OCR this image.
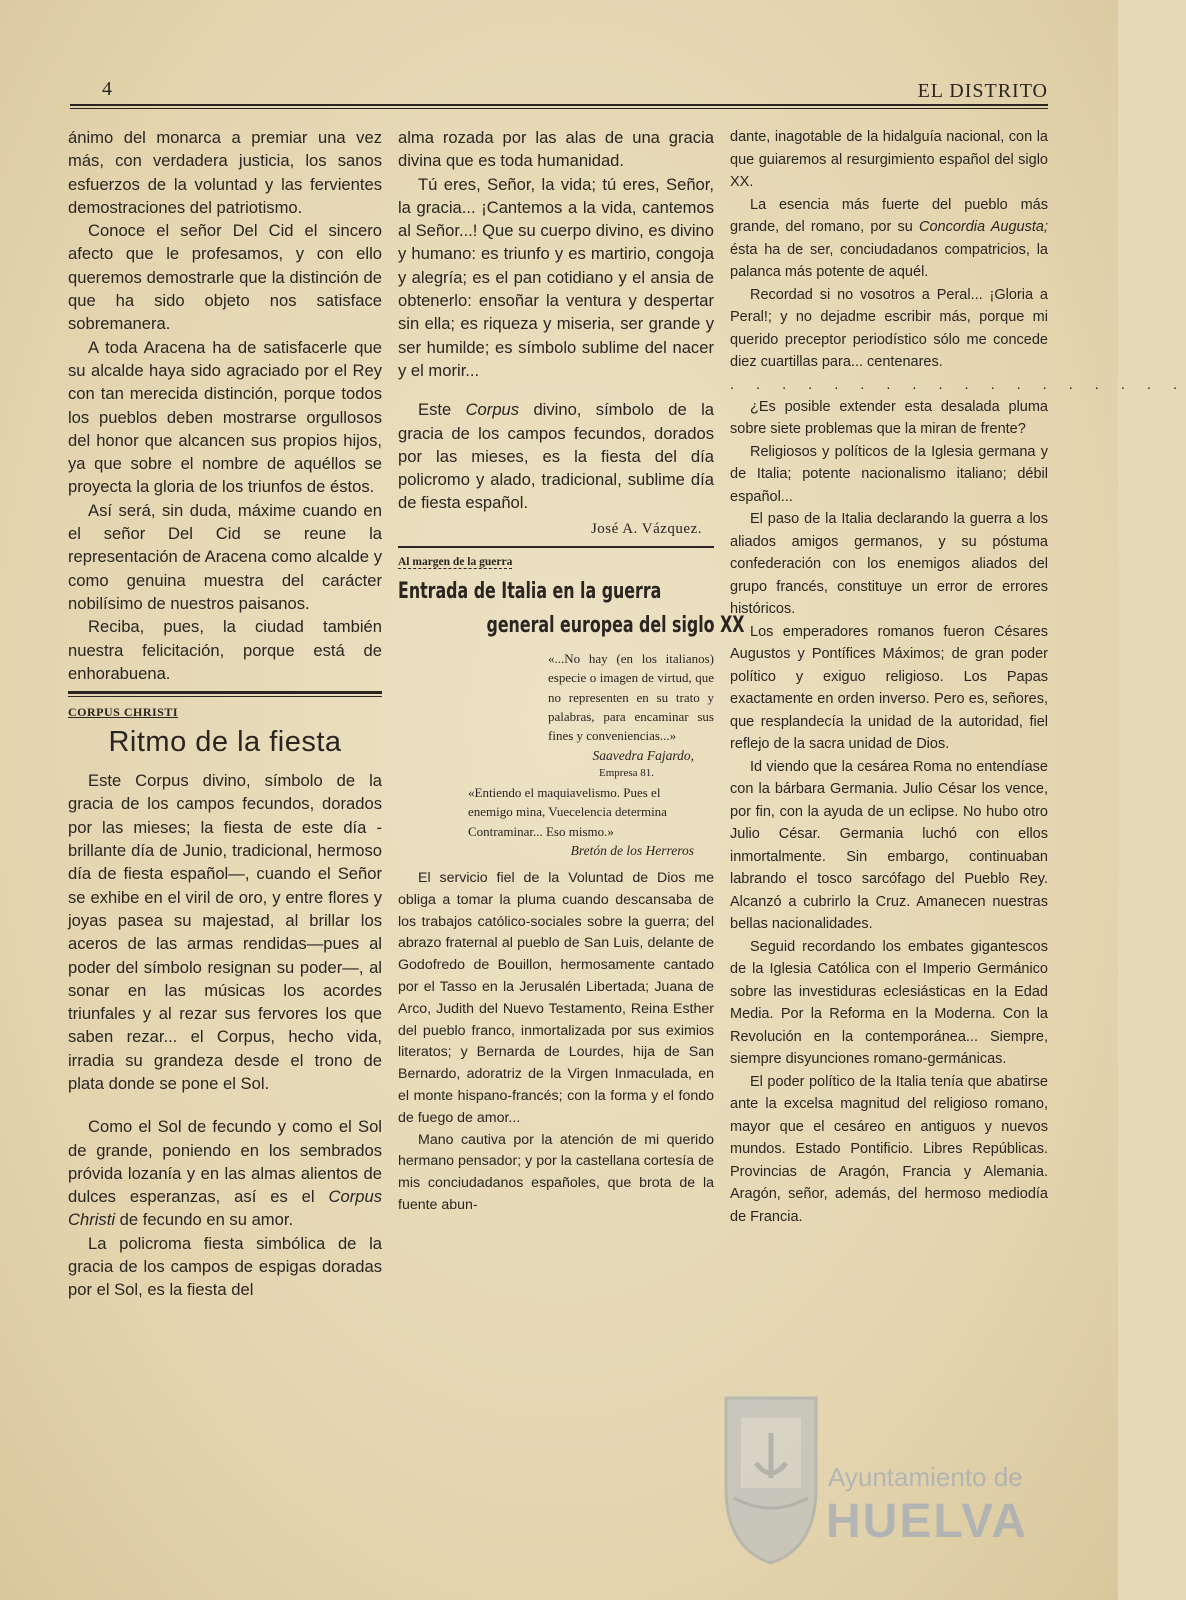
4	EL DISTRITO

ánimo del monarca a premiar una vez más, con verdadera justicia, los sanos esfuerzos de la voluntad y las fervientes demostraciones del patriotismo.

Conoce el señor Del Cid el sincero afecto que le profesamos, y con ello queremos demostrarle que la distinción de que ha sido objeto nos satisface sobremanera.

A toda Aracena ha de satisfacerle que su alcalde haya sido agraciado por el Rey con tan merecida distinción, porque todos los pueblos deben mostrarse orgullosos del honor que alcancen sus propios hijos, ya que sobre el nombre de aquéllos se proyecta la gloria de los triunfos de éstos.

Así será, sin duda, máxime cuando en el señor Del Cid se reune la representación de Aracena como alcalde y como genuina muestra del carácter nobilísimo de nuestros paisanos.

Reciba, pues, la ciudad también nuestra felicitación, porque está de enhorabuena.

CORPUS CHRISTI
Ritmo de la fiesta

Este Corpus divino, símbolo de la gracia de los campos fecundos, dorados por las mieses; la fiesta de este día - brillante día de Junio, tradicional, hermoso día de fiesta español—, cuando el Señor se exhibe en el viril de oro, y entre flores y joyas pasea su majestad, al brillar los aceros de las armas rendidas—pues al poder del símbolo resignan su poder—, al sonar en las músicas los acordes triunfales y al rezar sus fervores los que saben rezar... el Corpus, hecho vida, irradia su grandeza desde el trono de plata donde se pone el Sol.

Como el Sol de fecundo y como el Sol de grande, poniendo en los sembrados próvida lozanía y en las almas alientos de dulces esperanzas, así es el Corpus Christi de fecundo en su amor.

La policroma fiesta simbólica de la gracia de los campos de espigas doradas por el Sol, es la fiesta del

alma rozada por las alas de una gracia divina que es toda humanidad.

Tú eres, Señor, la vida; tú eres, Señor, la gracia... ¡Cantemos a la vida, cantemos al Señor...! Que su cuerpo divino, es divino y humano: es triunfo y es martirio, congoja y alegría; es el pan cotidiano y el ansia de obtenerlo: ensoñar la ventura y despertar sin ella; es riqueza y miseria, ser grande y ser humilde; es símbolo sublime del nacer y el morir...

Este Corpus divino, símbolo de la gracia de los campos fecundos, dorados por las mieses, es la fiesta del día policromo y alado, tradicional, sublime día de fiesta español.

José A. Vázquez.
Al margen de la guerra
Entrada de Italia en la guerra
general europea del siglo XX
«...No hay (en los italianos) especie o imagen de virtud, que no representen en su trato y palabras, para encaminar sus fines y conveniencias...»
Saavedra Fajardo,
Empresa 81.
«Entiendo el maquiavelismo. Pues el enemigo mina, Vuecelencia determina Contraminar... Eso mismo.»
Bretón de los Herreros

El servicio fiel de la Voluntad de Dios me obliga a tomar la pluma cuando descansaba de los trabajos católico-sociales sobre la guerra; del abrazo fraternal al pueblo de San Luis, delante de Godofredo de Bouillon, hermosamente cantado por el Tasso en la Jerusalén Libertada; Juana de Arco, Judith del Nuevo Testamento, Reina Esther del pueblo franco, inmortalizada por sus eximios literatos; y Bernarda de Lourdes, hija de San Bernardo, adoratriz de la Virgen Inmaculada, en el monte hispano-francés; con la forma y el fondo de fuego de amor...

Mano cautiva por la atención de mi querido hermano pensador; y por la castellana cortesía de mis conciudadanos españoles, que brota de la fuente abun-

dante, inagotable de la hidalguía nacional, con la que guiaremos al resurgimiento español del siglo XX.

La esencia más fuerte del pueblo más grande, del romano, por su Concordia Augusta; ésta ha de ser, conciudadanos compatricios, la palanca más potente de aquél.

Recordad si no vosotros a Peral... ¡Gloria a Peral!; y no dejadme escribir más, porque mi querido preceptor periodístico sólo me concede diez cuartillas para... centenares.

. . . . . . . . . . . . . . . . . .

¿Es posible extender esta desalada pluma sobre siete problemas que la miran de frente?

Religiosos y políticos de la Iglesia germana y de Italia; potente nacionalismo italiano; débil español...

El paso de la Italia declarando la guerra a los aliados amigos germanos, y su póstuma confederación con los enemigos aliados del grupo francés, constituye un error de errores históricos.

Los emperadores romanos fueron Césares Augustos y Pontífices Máximos; de gran poder político y exiguo religioso. Los Papas exactamente en orden inverso. Pero es, señores, que resplandecía la unidad de la autoridad, fiel reflejo de la sacra unidad de Dios.

Id viendo que la cesárea Roma no entendíase con la bárbara Germania. Julio César los vence, por fin, con la ayuda de un eclipse. No hubo otro Julio César. Germania luchó con ellos inmortalmente. Sin embargo, continuaban labrando el tosco sarcófago del Pueblo Rey. Alcanzó a cubrirlo la Cruz. Amanecen nuestras bellas nacionalidades.

Seguid recordando los embates gigantescos de la Iglesia Católica con el Imperio Germánico sobre las investiduras eclesiásticas en la Edad Media. Por la Reforma en la Moderna. Con la Revolución en la contemporánea... Siempre, siempre disyunciones romano-germánicas.

El poder político de la Italia tenía que abatirse ante la excelsa magnitud del religioso romano, mayor que el cesáreo en antiguos y nuevos mundos. Estado Pontificio. Libres Repúblicas. Provincias de Aragón, Francia y Alemania. Aragón, señor, además, del hermoso mediodía de Francia.

Ayuntamiento de
HUELVA
